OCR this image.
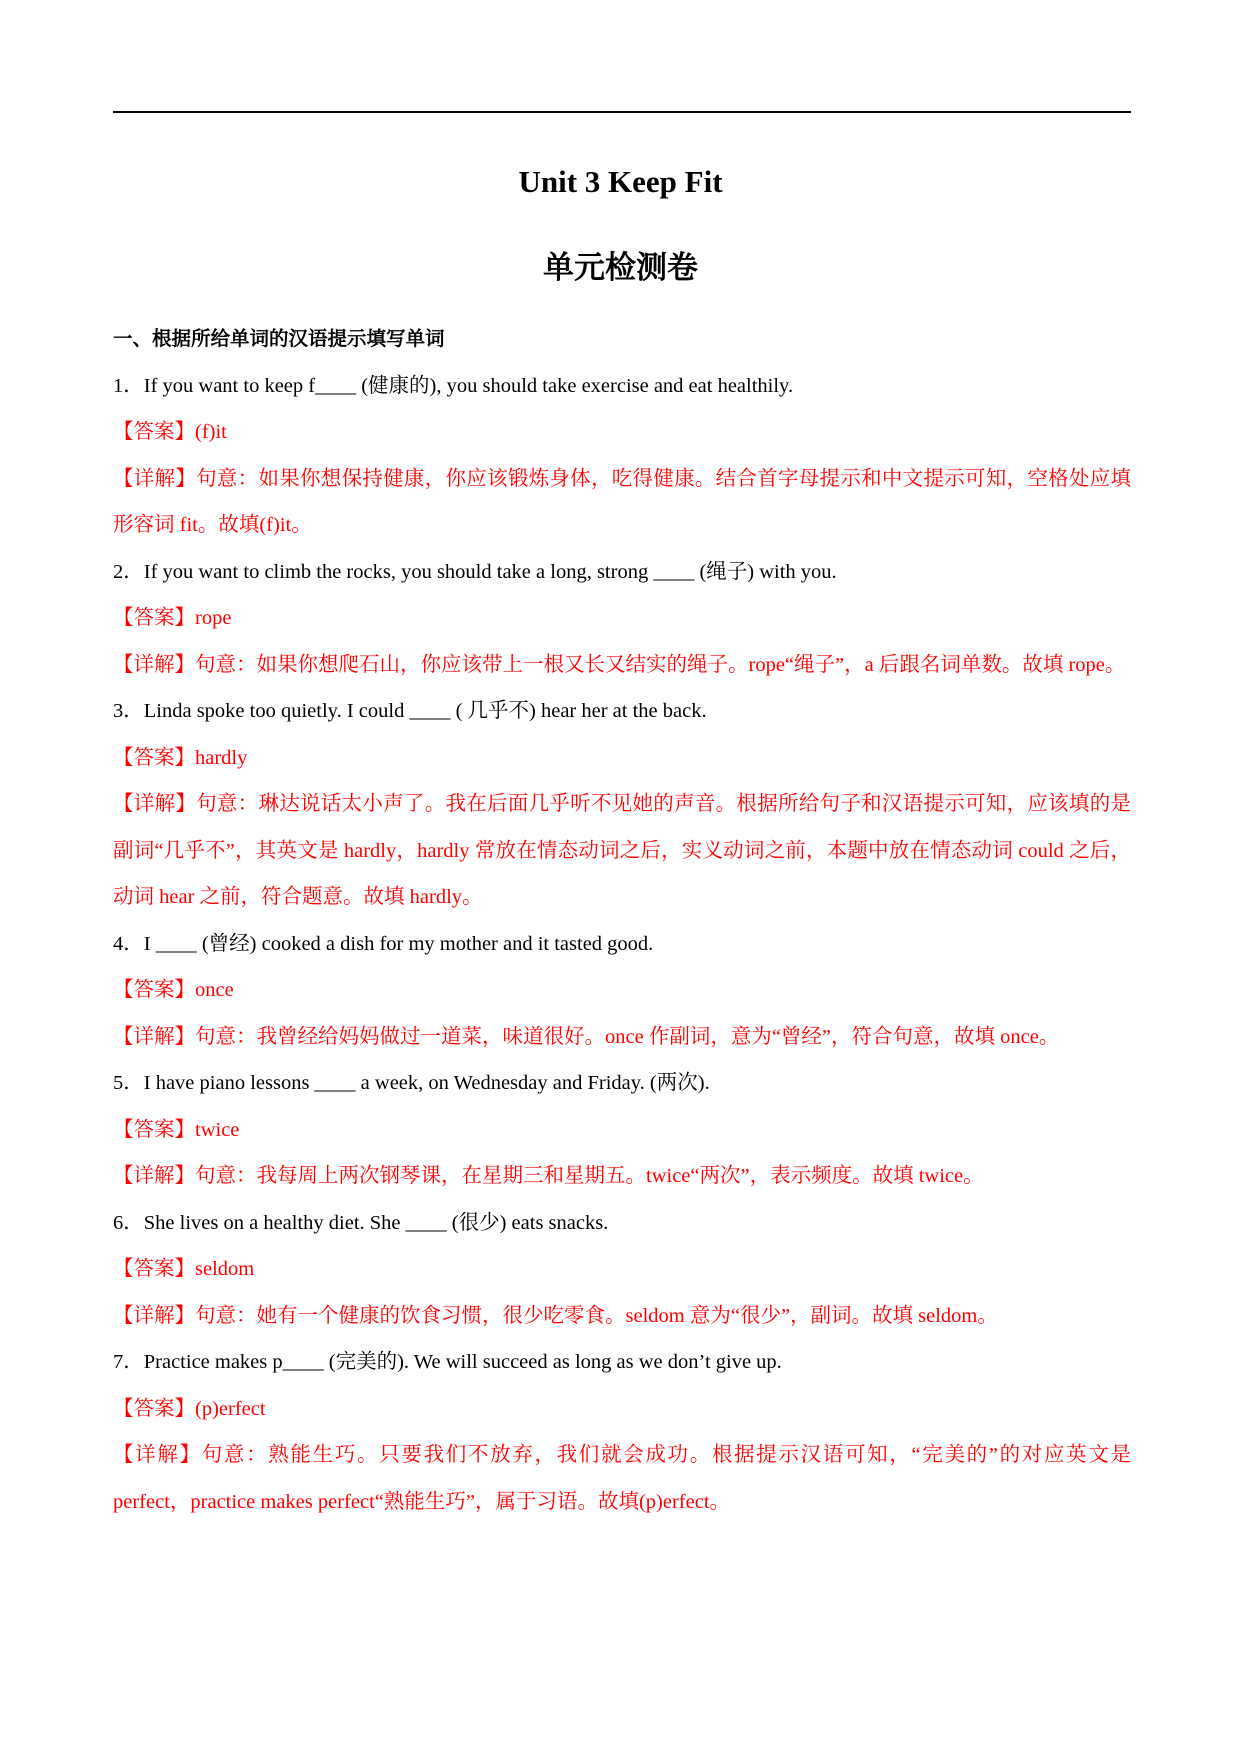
Unit 3 Keep Fit
单元检测卷
一、根据所给单词的汉语提示填写单词
1．If you want to keep f____ (健康的), you should take exercise and eat healthily.
【答案】(f)it
【详解】句意：如果你想保持健康，你应该锻炼身体，吃得健康。结合首字母提示和中文提示可知，空格处应填形容词 fit。故填(f)it。
2．If you want to climb the rocks, you should take a long, strong ____ (绳子) with you.
【答案】rope
【详解】句意：如果你想爬石山，你应该带上一根又长又结实的绳子。rope“绳子”，a 后跟名词单数。故填 rope。
3．Linda spoke too quietly. I could ____ ( 几乎不) hear her at the back.
【答案】hardly
【详解】句意：琳达说话太小声了。我在后面几乎听不见她的声音。根据所给句子和汉语提示可知，应该填的是副词“几乎不”，其英文是 hardly，hardly 常放在情态动词之后，实义动词之前，本题中放在情态动词 could 之后，动词 hear 之前，符合题意。故填 hardly。
4．I ____ (曾经) cooked a dish for my mother and it tasted good.
【答案】once
【详解】句意：我曾经给妈妈做过一道菜，味道很好。once 作副词，意为“曾经”，符合句意，故填 once。
5．I have piano lessons ____ a week, on Wednesday and Friday. (两次).
【答案】twice
【详解】句意：我每周上两次钢琴课，在星期三和星期五。twice“两次”，表示频度。故填 twice。
6．She lives on a healthy diet. She ____ (很少) eats snacks.
【答案】seldom
【详解】句意：她有一个健康的饮食习惯，很少吃零食。seldom 意为“很少”，副词。故填 seldom。
7．Practice makes p____ (完美的). We will succeed as long as we don’t give up.
【答案】(p)erfect
【详解】句意：熟能生巧。只要我们不放弃，我们就会成功。根据提示汉语可知，“完美的”的对应英文是 perfect，practice makes perfect“熟能生巧”，属于习语。故填(p)erfect。
